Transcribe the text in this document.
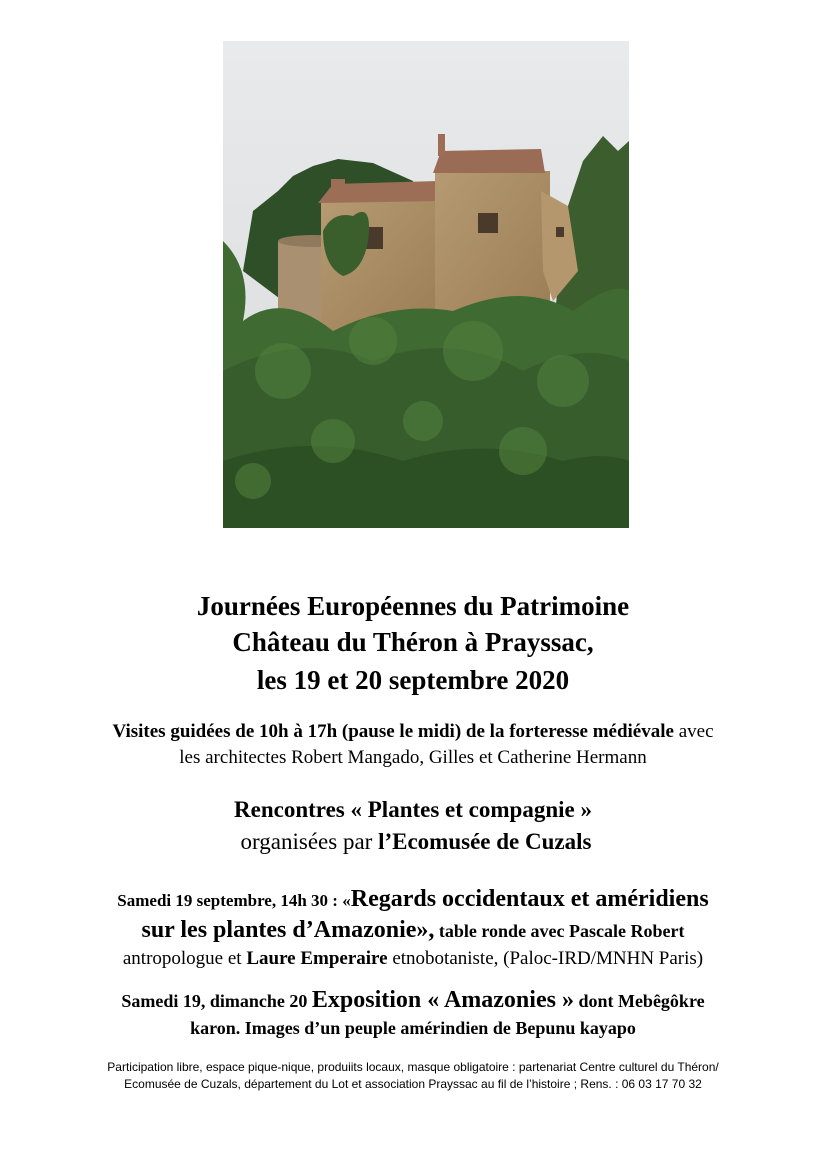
Journées Européennes du Patrimoine
Château du Théron à Prayssac,
les 19 et 20 septembre 2020
Visites guidées de 10h à 17h (pause le midi) de la forteresse médiévale avec
les architectes Robert Mangado, Gilles et Catherine Hermann
Rencontres « Plantes et compagnie »
organisées par l’Ecomusée de Cuzals
Samedi 19 septembre, 14h 30 : «Regards occidentaux et améridiens
sur les plantes d’Amazonie», table ronde avec Pascale Robert
antropologue et Laure Emperaire etnobotaniste, (Paloc-IRD/MNHN Paris)
Samedi 19, dimanche 20 Exposition « Amazonies » dont Mebêgôkre
karon. Images d’un peuple amérindien de Bepunu kayapo
Participation libre, espace pique-nique, produiits locaux, masque obligatoire : partenariat Centre culturel du Théron/
Ecomusée de Cuzals, département du Lot et association Prayssac au fil de l’histoire ; Rens. : 06 03 17 70 32
